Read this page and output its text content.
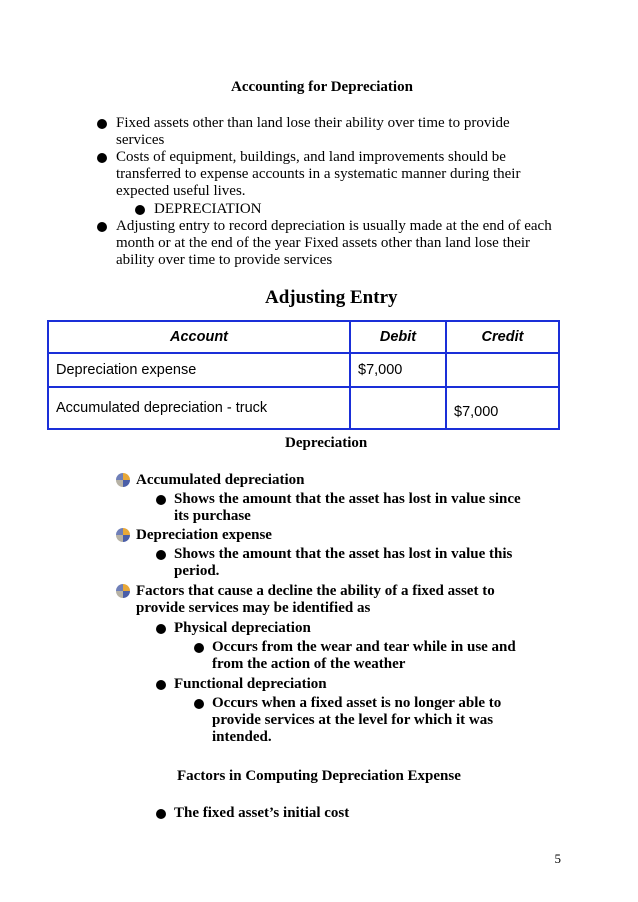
Accounting for Depreciation
Fixed assets other than land lose their ability over time to provide
services
Costs of equipment, buildings, and land improvements should be
transferred to expense accounts in a systematic manner during their
expected useful lives.
DEPRECIATION
Adjusting entry to record depreciation is usually made at the end of each
month or at the end of the year Fixed assets other than land lose their
ability over time to provide services
Adjusting Entry
Account	Debit	Credit
Depreciation expense	$7,000	
Accumulated depreciation - truck		$7,000
Depreciation
Accumulated depreciation
Shows the amount that the asset has lost in value since
its purchase
Depreciation expense
Shows the amount that the asset has lost in value this
period.
Factors that cause a decline the ability of a fixed asset to
provide services may be identified as
Physical depreciation
Occurs from the wear and tear while in use and
from the action of the weather
Functional depreciation
Occurs when a fixed asset is no longer able to
provide services at the level for which it was
intended.
Factors in Computing Depreciation Expense
The fixed asset’s initial cost
5
